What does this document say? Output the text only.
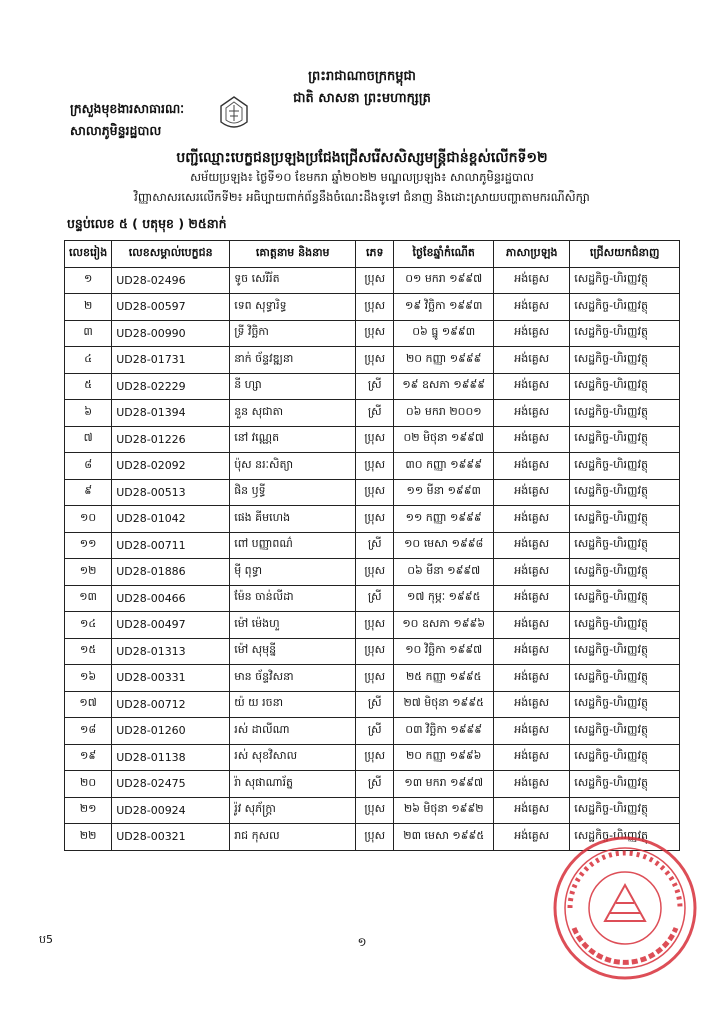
ព្រះរាជាណាចក្រកម្ពុជា
ជាតិ សាសនា ព្រះមហាក្សត្រ
ក្រសួងមុខងារសាធារណៈ
សាលាភូមិន្ទរដ្ឋបាល
បញ្ជីឈ្មោះបេក្ខជនប្រឡងប្រជែងជ្រើសរើសសិស្សមន្ត្រីជាន់ខ្ពស់លើកទី១២
សម័យប្រឡង៖ ថ្ងៃទី១០ ខែមករា ឆ្នាំ២០២២ មណ្ឌលប្រឡង៖ សាលាភូមិន្ទរដ្ឋបាល
វិញ្ញាសាសរសេរលើកទី២៖ អធិប្បាយពាក់ព័ន្ធនឹងចំណេះដឹងទូទៅ ជំនាញ និងដោះស្រាយបញ្ហាតាមករណីសិក្សា
បន្ទប់លេខ ៥ ( បតុមុខ ) ២៥នាក់
លេខរៀង	លេខសម្គាល់បេក្ខជន	គោត្តនាម និងនាម	ភេទ	ថ្ងៃខែឆ្នាំកំណើត	ភាសាប្រឡង	ជ្រើសយកជំនាញ
១	UD28-02496	ទូច សេរីរ័ត	ប្រុស	០១ មករា ១៩៩៧	អង់គ្លេស	សេដ្ឋកិច្ច-ហិរញ្ញវត្ថុ
២	UD28-00597	ទេព សុទ្ធារិទ្ធ	ប្រុស	១៩ វិច្ឆិកា ១៩៩៣	អង់គ្លេស	សេដ្ឋកិច្ច-ហិរញ្ញវត្ថុ
៣	UD28-00990	ទ្រី វិច្ឆិកា	ប្រុស	០៦ ធ្នូ ១៩៩៣	អង់គ្លេស	សេដ្ឋកិច្ច-ហិរញ្ញវត្ថុ
៤	UD28-01731	នាក់ ច័ន្ទវឌ្ឍនា	ប្រុស	២០ កញ្ញា ១៩៩៩	អង់គ្លេស	សេដ្ឋកិច្ច-ហិរញ្ញវត្ថុ
៥	UD28-02229	នី ហ្សា	ស្រី	១៩ ឧសភា ១៩៩៩	អង់គ្លេស	សេដ្ឋកិច្ច-ហិរញ្ញវត្ថុ
៦	UD28-01394	នួន សុជាតា	ស្រី	០៦ មករា ២០០១	អង់គ្លេស	សេដ្ឋកិច្ច-ហិរញ្ញវត្ថុ
៧	UD28-01226	នៅ វណ្ណេត	ប្រុស	០២ មិថុនា ១៩៩៧	អង់គ្លេស	សេដ្ឋកិច្ច-ហិរញ្ញវត្ថុ
៨	UD28-02092	ប៉ុស នរៈសិត្យា	ប្រុស	៣០ កញ្ញា ១៩៩៩	អង់គ្លេស	សេដ្ឋកិច្ច-ហិរញ្ញវត្ថុ
៩	UD28-00513	ផិន ឫទ្ធី	ប្រុស	១១ មីនា ១៩៩៣	អង់គ្លេស	សេដ្ឋកិច្ច-ហិរញ្ញវត្ថុ
១០	UD28-01042	ផេង គីមហេង	ប្រុស	១១ កញ្ញា ១៩៩៩	អង់គ្លេស	សេដ្ឋកិច្ច-ហិរញ្ញវត្ថុ
១១	UD28-00711	ពៅ បញ្ញាពណ៌	ស្រី	១០ មេសា ១៩៩៨	អង់គ្លេស	សេដ្ឋកិច្ច-ហិរញ្ញវត្ថុ
១២	UD28-01886	ម៉ី ពុទ្ធា	ប្រុស	០៦ មីនា ១៩៩៧	អង់គ្លេស	សេដ្ឋកិច្ច-ហិរញ្ញវត្ថុ
១៣	UD28-00466	ម៉ែន ចាន់លីដា	ស្រី	១៧ កុម្ភៈ ១៩៩៥	អង់គ្លេស	សេដ្ឋកិច្ច-ហិរញ្ញវត្ថុ
១៤	UD28-00497	ម៉ៅ ម៉េងហួ	ប្រុស	១០ ឧសភា ១៩៩៦	អង់គ្លេស	សេដ្ឋកិច្ច-ហិរញ្ញវត្ថុ
១៥	UD28-01313	ម៉ៅ សុមុន្នី	ប្រុស	១០ វិច្ឆិកា ១៩៩៧	អង់គ្លេស	សេដ្ឋកិច្ច-ហិរញ្ញវត្ថុ
១៦	UD28-00331	មាន ច័ន្ទវិសនា	ប្រុស	២៥ កញ្ញា ១៩៩៥	អង់គ្លេស	សេដ្ឋកិច្ច-ហិរញ្ញវត្ថុ
១៧	UD28-00712	យ៉ យ រចនា	ស្រី	២៧ មិថុនា ១៩៩៥	អង់គ្លេស	សេដ្ឋកិច្ច-ហិរញ្ញវត្ថុ
១៨	UD28-01260	រស់ ដាលីណា	ស្រី	០៣ វិច្ឆិកា ១៩៩៩	អង់គ្លេស	សេដ្ឋកិច្ច-ហិរញ្ញវត្ថុ
១៩	UD28-01138	រស់ សុខវិសាល	ប្រុស	២០ កញ្ញា ១៩៩៦	អង់គ្លេស	សេដ្ឋកិច្ច-ហិរញ្ញវត្ថុ
២០	UD28-02475	រ៉ា សុផាណារ័ត្ន	ស្រី	១៣ មករា ១៩៩៧	អង់គ្លេស	សេដ្ឋកិច្ច-ហិរញ្ញវត្ថុ
២១	UD28-00924	រ៉ូវ សុភ័ក្រ្តា	ប្រុស	២៦ មិថុនា ១៩៩២	អង់គ្លេស	សេដ្ឋកិច្ច-ហិរញ្ញវត្ថុ
២២	UD28-00321	រាជ កុសល	ប្រុស	២៣ មេសា ១៩៩៥	អង់គ្លេស	សេដ្ឋកិច្ច-ហិរញ្ញវត្ថុ
ប5	១
